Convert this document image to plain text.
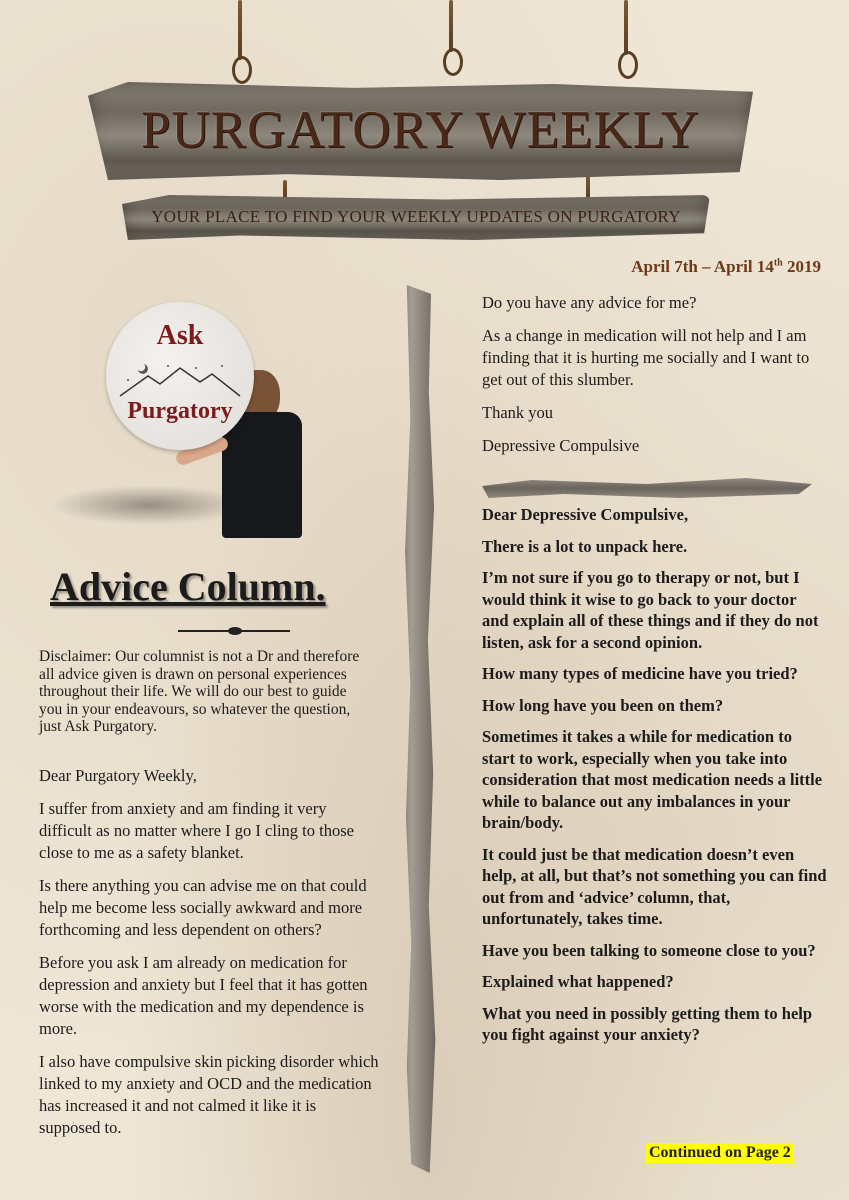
PURGATORY WEEKLY
YOUR PLACE TO FIND YOUR WEEKLY UPDATES ON PURGATORY
April 7th – April 14th 2019
Ask
Purgatory
Advice Column.

Disclaimer: Our columnist is not a Dr and therefore all advice given is drawn on personal experiences throughout their life. We will do our best to guide you in your endeavours, so whatever the question, just Ask Purgatory.

Dear Purgatory Weekly,

I suffer from anxiety and am finding it very difficult as no matter where I go I cling to those close to me as a safety blanket.

Is there anything you can advise me on that could help me become less socially awkward and more forthcoming and less dependent on others?

Before you ask I am already on medication for depression and anxiety but I feel that it has gotten worse with the medication and my dependence is more.

I also have compulsive skin picking disorder which linked to my anxiety and OCD and the medication has increased it and not calmed it like it is supposed to.

Do you have any advice for me?

As a change in medication will not help and I am finding that it is hurting me socially and I want to get out of this slumber.

Thank you

Depressive Compulsive

Dear Depressive Compulsive,

There is a lot to unpack here.

I’m not sure if you go to therapy or not, but I would think it wise to go back to your doctor and explain all of these things and if they do not listen, ask for a second opinion.

How many types of medicine have you tried?

How long have you been on them?

Sometimes it takes a while for medication to start to work, especially when you take into consideration that most medication needs a little while to balance out any imbalances in your brain/body.

It could just be that medication doesn’t even help, at all, but that’s not something you can find out from and ‘advice’ column, that, unfortunately, takes time.

Have you been talking to someone close to you?

Explained what happened?

What you need in possibly getting them to help you fight against your anxiety?

Continued on Page 2
